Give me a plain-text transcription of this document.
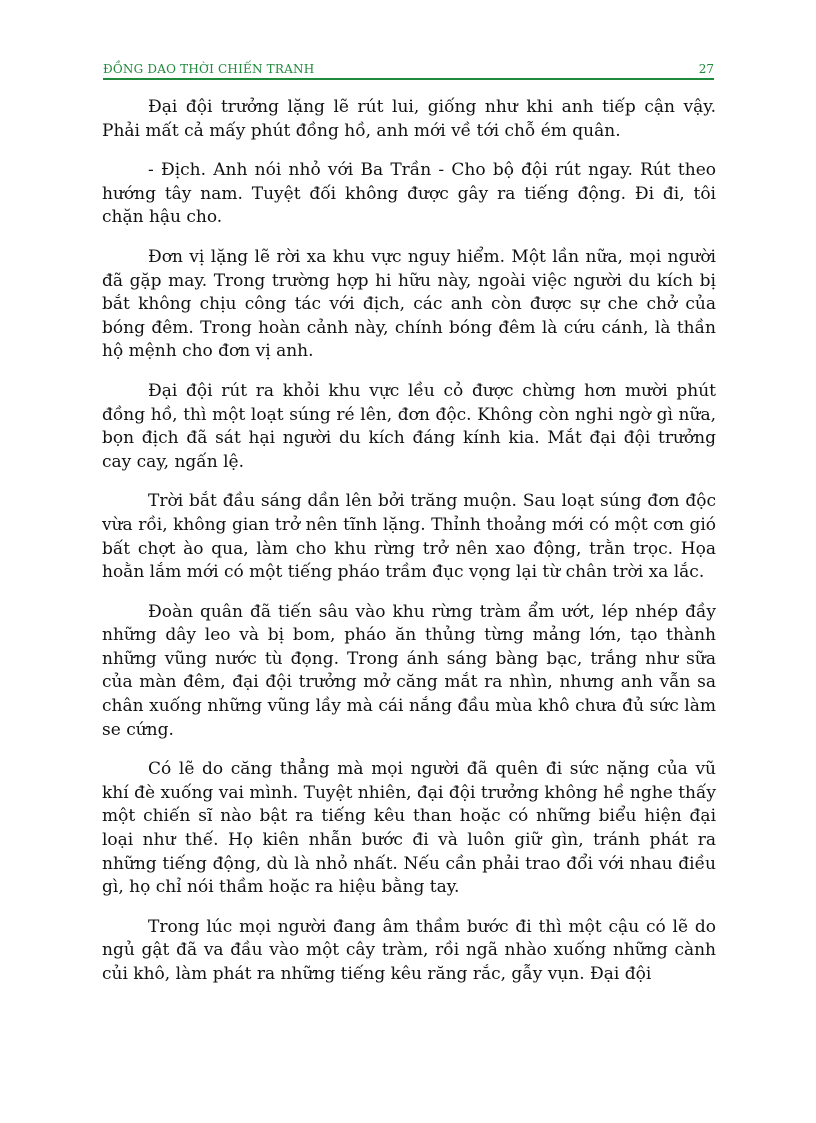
ĐỒNG DAO THỜI CHIẾN TRANH	27

Đại đội trưởng lặng lẽ rút lui, giống như khi anh tiếp cận vậy. Phải mất cả mấy phút đồng hồ, anh mới về tới chỗ ém quân.

- Địch. Anh nói nhỏ với Ba Trần - Cho bộ đội rút ngay. Rút theo hướng tây nam. Tuyệt đối không được gây ra tiếng động. Đi đi, tôi chặn hậu cho.

Đơn vị lặng lẽ rời xa khu vực nguy hiểm. Một lần nữa, mọi người đã gặp may. Trong trường hợp hi hữu này, ngoài việc người du kích bị bắt không chịu công tác với địch, các anh còn được sự che chở của bóng đêm. Trong hoàn cảnh này, chính bóng đêm là cứu cánh, là thần hộ mệnh cho đơn vị anh.

Đại đội rút ra khỏi khu vực lều cỏ được chừng hơn mười phút đồng hồ, thì một loạt súng ré lên, đơn độc. Không còn nghi ngờ gì nữa, bọn địch đã sát hại người du kích đáng kính kia. Mắt đại đội trưởng cay cay, ngấn lệ.

Trời bắt đầu sáng dần lên bởi trăng muộn. Sau loạt súng đơn độc vừa rồi, không gian trở nên tĩnh lặng. Thỉnh thoảng mới có một cơn gió bất chợt ào qua, làm cho khu rừng trở nên xao động, trằn trọc. Họa hoằn lắm mới có một tiếng pháo trầm đục vọng lại từ chân trời xa lắc.

Đoàn quân đã tiến sâu vào khu rừng tràm ẩm ướt, lép nhép đầy những dây leo và bị bom, pháo ăn thủng từng mảng lớn, tạo thành những vũng nước tù đọng. Trong ánh sáng bàng bạc, trắng như sữa của màn đêm, đại đội trưởng mở căng mắt ra nhìn, nhưng anh vẫn sa chân xuống những vũng lầy mà cái nắng đầu mùa khô chưa đủ sức làm se cứng.

Có lẽ do căng thẳng mà mọi người đã quên đi sức nặng của vũ khí đè xuống vai mình. Tuyệt nhiên, đại đội trưởng không hề nghe thấy một chiến sĩ nào bật ra tiếng kêu than hoặc có những biểu hiện đại loại như thế. Họ kiên nhẫn bước đi và luôn giữ gìn, tránh phát ra những tiếng động, dù là nhỏ nhất. Nếu cần phải trao đổi với nhau điều gì, họ chỉ nói thầm hoặc ra hiệu bằng tay.

Trong lúc mọi người đang âm thầm bước đi thì một cậu có lẽ do ngủ gật đã va đầu vào một cây tràm, rồi ngã nhào xuống những cành củi khô, làm phát ra những tiếng kêu răng rắc, gẫy vụn. Đại đội
